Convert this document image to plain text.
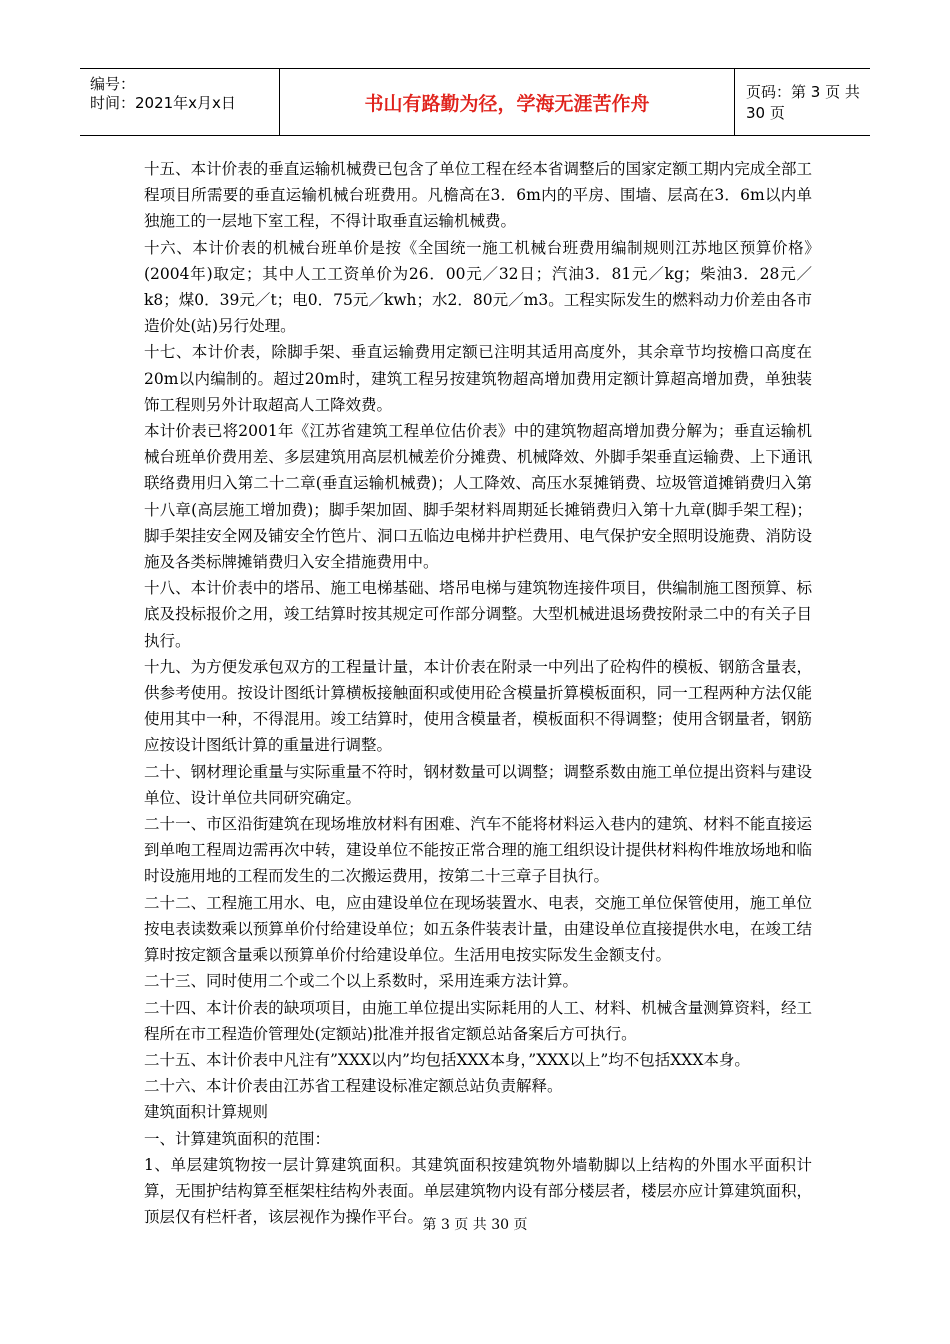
编号：
时间：2021年x月x日	书山有路勤为径，学海无涯苦作舟
页码：第 3 页 共 30 页

十五、本计价表的垂直运输机械费已包含了单位工程在经本省调整后的国家定额工期内完成全部工程项目所需要的垂直运输机械台班费用。凡檐高在3．6m内的平房、围墙、层高在3．6m以内单独施工的一层地下室工程，不得计取垂直运输机械费。

十六、本计价表的机械台班单价是按《全国统一施工机械台班费用编制规则江苏地区预算价格》　　(2004年)取定；其中人工工资单价为26．00元／32日；汽油3．81元／kg；柴油3．28元／k8；煤0．39元／t；电0．75元／kwh；水2．80元／m3。工程实际发生的燃料动力价差由各市造价处(站)另行处理。

十七、本计价表，除脚手架、垂直运输费用定额已注明其适用高度外，其余章节均按檐口高度在20m以内编制的。超过20m时，建筑工程另按建筑物超高增加费用定额计算超高增加费，单独装饰工程则另外计取超高人工降效费。

本计价表已将2001年《江苏省建筑工程单位估价表》中的建筑物超高增加费分解为；垂直运输机械台班单价费用差、多层建筑用高层机械差价分摊费、机械降效、外脚手架垂直运输费、上下通讯联络费用归入第二十二章(垂直运输机械费)；人工降效、高压水泵摊销费、垃圾管道摊销费归入第十八章(高层施工增加费)；脚手架加固、脚手架材料周期延长摊销费归入第十九章(脚手架工程)；脚手架挂安全网及铺安全竹笆片、洞口五临边电梯井护栏费用、电气保护安全照明设施费、消防设施及各类标牌摊销费归入安全措施费用中。

十八、本计价表中的塔吊、施工电梯基础、塔吊电梯与建筑物连接件项目，供编制施工图预算、标底及投标报价之用，竣工结算时按其规定可作部分调整。大型机械进退场费按附录二中的有关子目执行。

十九、为方便发承包双方的工程量计量，本计价表在附录一中列出了砼构件的模板、钢筋含量表，供参考使用。按设计图纸计算横板接触面积或使用砼含模量折算模板面积，同一工程两种方法仅能使用其中一种，不得混用。竣工结算时，使用含模量者，模板面积不得调整；使用含钢量者，钢筋应按设计图纸计算的重量进行调整。

二十、钢材理论重量与实际重量不符时，钢材数量可以调整；调整系数由施工单位提出资料与建设单位、设计单位共同研究确定。

二十一、市区沿街建筑在现场堆放材料有困难、汽车不能将材料运入巷内的建筑、材料不能直接运到单咆工程周边需再次中转，建设单位不能按正常合理的施工组织设计提供材料构件堆放场地和临时设施用地的工程而发生的二次搬运费用，按第二十三章子目执行。

二十二、工程施工用水、电，应由建设单位在现场装置水、电表，交施工单位保管使用，施工单位按电表读数乘以预算单价付给建设单位；如五条件装表计量，由建设单位直接提供水电，在竣工结算时按定额含量乘以预算单价付给建设单位。生活用电按实际发生金额支付。

二十三、同时使用二个或二个以上系数时，采用连乘方法计算。

二十四、本计价表的缺项项目，由施工单位提出实际耗用的人工、材料、机械含量测算资料，经工程所在市工程造价管理处(定额站)批准并报省定额总站备案后方可执行。

二十五、本计价表中凡注有”XXX以内”均包括XXX本身，”XXX以上”均不包括XXX本身。

二十六、本计价表由江苏省工程建设标准定额总站负责解释。

建筑面积计算规则

一、计算建筑面积的范围：

1、单层建筑物按一层计算建筑面积。其建筑面积按建筑物外墙勒脚以上结构的外围水平面积计算，无围护结构算至框架柱结构外表面。单层建筑物内设有部分楼层者，楼层亦应计算建筑面积，顶层仅有栏杆者，该层视作为操作平台。 第 3 页 共 30 页
